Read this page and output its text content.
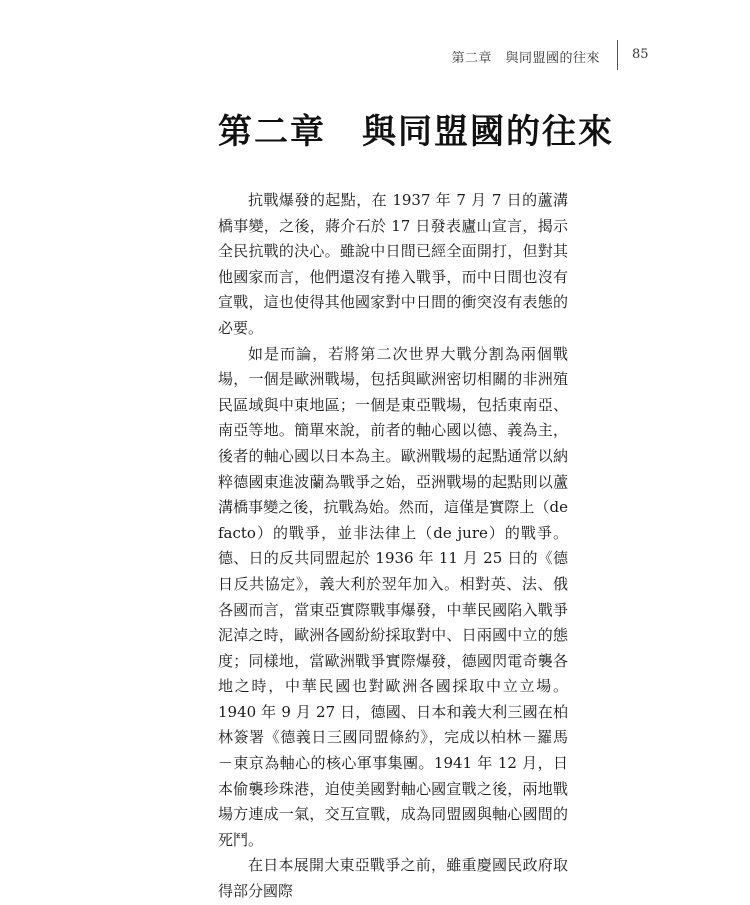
第二章　與同盟國的往來 85
第二章 與同盟國的往來

抗戰爆發的起點，在 1937 年 7 月 7 日的蘆溝橋事變，之後，蔣介石於 17 日發表廬山宣言，揭示全民抗戰的決心。雖說中日間已經全面開打，但對其他國家而言，他們還沒有捲入戰爭，而中日間也沒有宣戰，這也使得其他國家對中日間的衝突沒有表態的必要。

如是而論，若將第二次世界大戰分割為兩個戰場，一個是歐洲戰場，包括與歐洲密切相關的非洲殖民區域與中東地區；一個是東亞戰場，包括東南亞、南亞等地。簡單來說，前者的軸心國以德、義為主，後者的軸心國以日本為主。歐洲戰場的起點通常以納粹德國東進波蘭為戰爭之始，亞洲戰場的起點則以蘆溝橋事變之後，抗戰為始。然而，這僅是實際上（de facto）的戰爭，並非法律上（de jure）的戰爭。德、日的反共同盟起於 1936 年 11 月 25 日的《德日反共協定》，義大利於翌年加入。相對英、法、俄各國而言，當東亞實際戰事爆發，中華民國陷入戰爭泥淖之時，歐洲各國紛紛採取對中、日兩國中立的態度；同樣地，當歐洲戰爭實際爆發，德國閃電奇襲各地之時，中華民國也對歐洲各國採取中立立場。1940 年 9 月 27 日，德國、日本和義大利三國在柏林簽署《德義日三國同盟條約》，完成以柏林－羅馬－東京為軸心的核心軍事集團。1941 年 12 月，日本偷襲珍珠港，迫使美國對軸心國宣戰之後，兩地戰場方連成一氣，交互宣戰，成為同盟國與軸心國間的死鬥。

在日本展開大東亞戰爭之前，雖重慶國民政府取得部分國際
